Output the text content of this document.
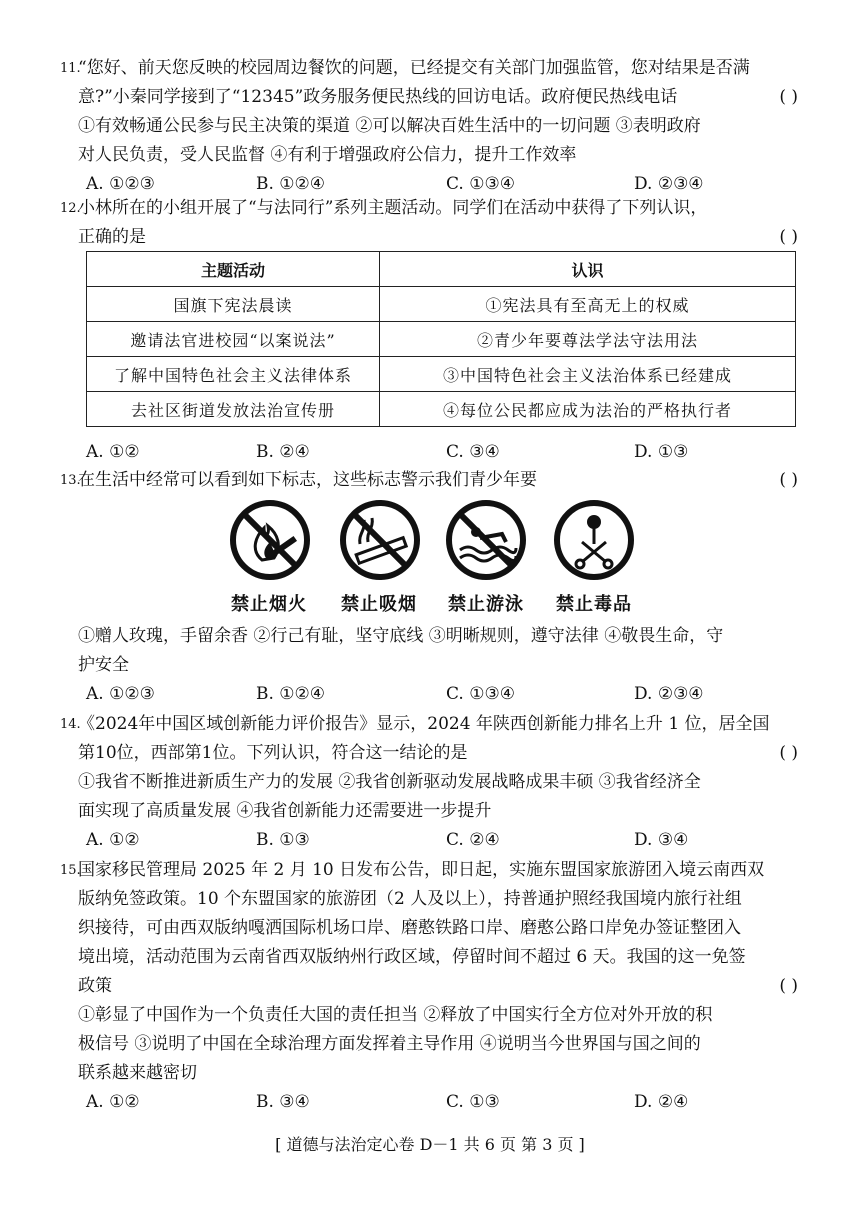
11.
“您好、前天您反映的校园周边餐饮的问题，已经提交有关部门加强监管，您对结果是否满
意?”小秦同学接到了“12345”政务服务便民热线的回访电话。政府便民热线电话	( )
①有效畅通公民参与民主决策的渠道 ②可以解决百姓生活中的一切问题 ③表明政府
对人民负责，受人民监督 ④有利于增强政府公信力，提升工作效率
A. ①②③	B. ①②④	C. ①③④	D. ②③④
12.
小林所在的小组开展了“与法同行”系列主题活动。同学们在活动中获得了下列认识，
正确的是	( )
主题活动	认识
国旗下宪法晨读	①宪法具有至高无上的权威
邀请法官进校园“以案说法”	②青少年要尊法学法守法用法
了解中国特色社会主义法律体系	③中国特色社会主义法治体系已经建成
去社区街道发放法治宣传册	④每位公民都应成为法治的严格执行者
A. ①②	B. ②④	C. ③④	D. ①③
13.
在生活中经常可以看到如下标志，这些标志警示我们青少年要	( )
禁止烟火	禁止吸烟	禁止游泳	禁止毒品
①赠人玫瑰，手留余香 ②行己有耻，坚守底线 ③明晰规则，遵守法律 ④敬畏生命，守
护安全
A. ①②③	B. ①②④	C. ①③④	D. ②③④
14.
《2024年中国区域创新能力评价报告》显示，2024 年陕西创新能力排名上升 1 位，居全国
第10位，西部第1位。下列认识，符合这一结论的是	( )
①我省不断推进新质生产力的发展 ②我省创新驱动发展战略成果丰硕 ③我省经济全
面实现了高质量发展 ④我省创新能力还需要进一步提升
A. ①②	B. ①③	C. ②④	D. ③④
15.
国家移民管理局 2025 年 2 月 10 日发布公告，即日起，实施东盟国家旅游团入境云南西双
版纳免签政策。10 个东盟国家的旅游团（2 人及以上），持普通护照经我国境内旅行社组
织接待，可由西双版纳嘎洒国际机场口岸、磨憨铁路口岸、磨憨公路口岸免办签证整团入
境出境，活动范围为云南省西双版纳州行政区域，停留时间不超过 6 天。我国的这一免签
政策	( )
①彰显了中国作为一个负责任大国的责任担当 ②释放了中国实行全方位对外开放的积
极信号 ③说明了中国在全球治理方面发挥着主导作用 ④说明当今世界国与国之间的
联系越来越密切
A. ①②	B. ③④	C. ①③	D. ②④
[ 道德与法治定心卷 D－1 共 6 页 第 3 页 ]
